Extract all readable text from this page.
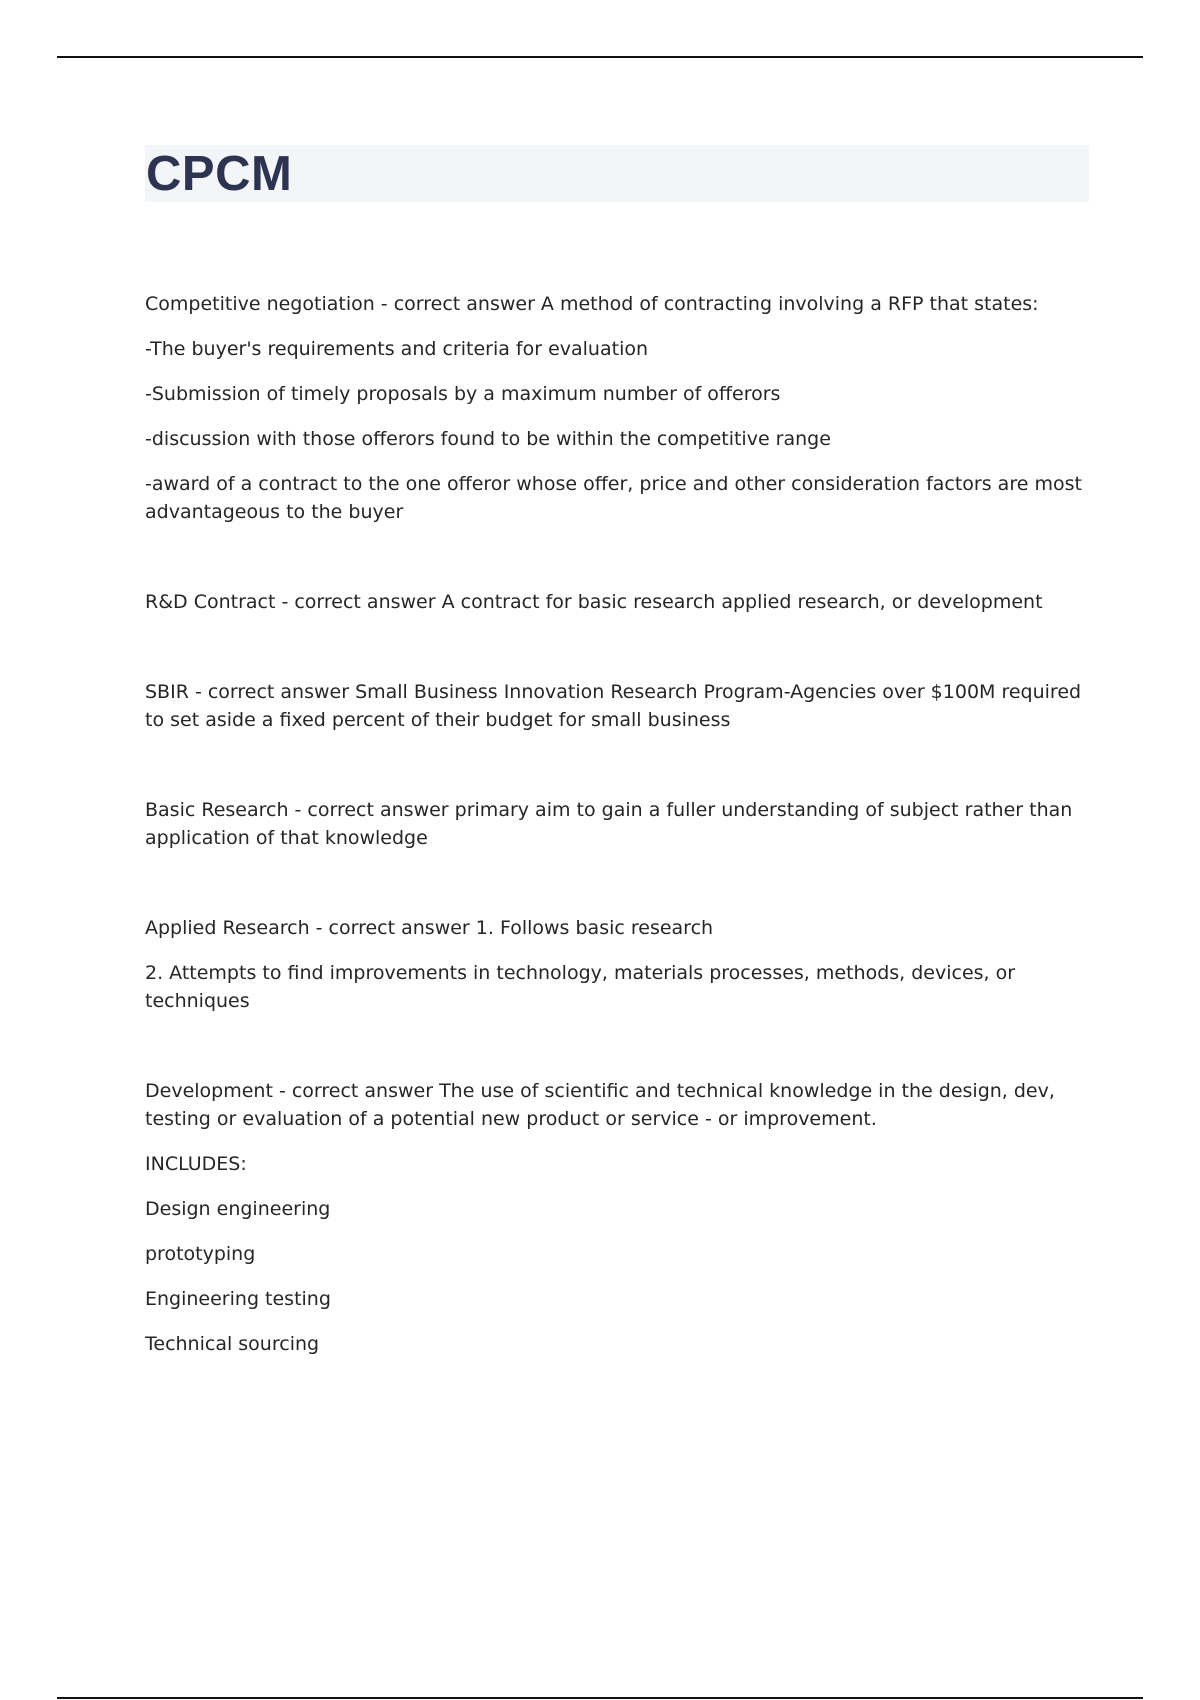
CPCM

Competitive negotiation - correct answer A method of contracting involving a RFP that states:

-The buyer's requirements and criteria for evaluation

-Submission of timely proposals by a maximum number of offerors

-discussion with those offerors found to be within the competitive range

-award of a contract to the one offeror whose offer, price and other consideration factors are most advantageous to the buyer

R&D Contract - correct answer A contract for basic research applied research, or development

SBIR - correct answer Small Business Innovation Research Program-Agencies over $100M required to set aside a fixed percent of their budget for small business

Basic Research - correct answer primary aim to gain a fuller understanding of subject rather than application of that knowledge

Applied Research - correct answer 1. Follows basic research

2. Attempts to find improvements in technology, materials processes, methods, devices, or techniques

Development - correct answer The use of scientific and technical knowledge in the design, dev, testing or evaluation of a potential new product or service - or improvement.

INCLUDES:

Design engineering

prototyping

Engineering testing

Technical sourcing
